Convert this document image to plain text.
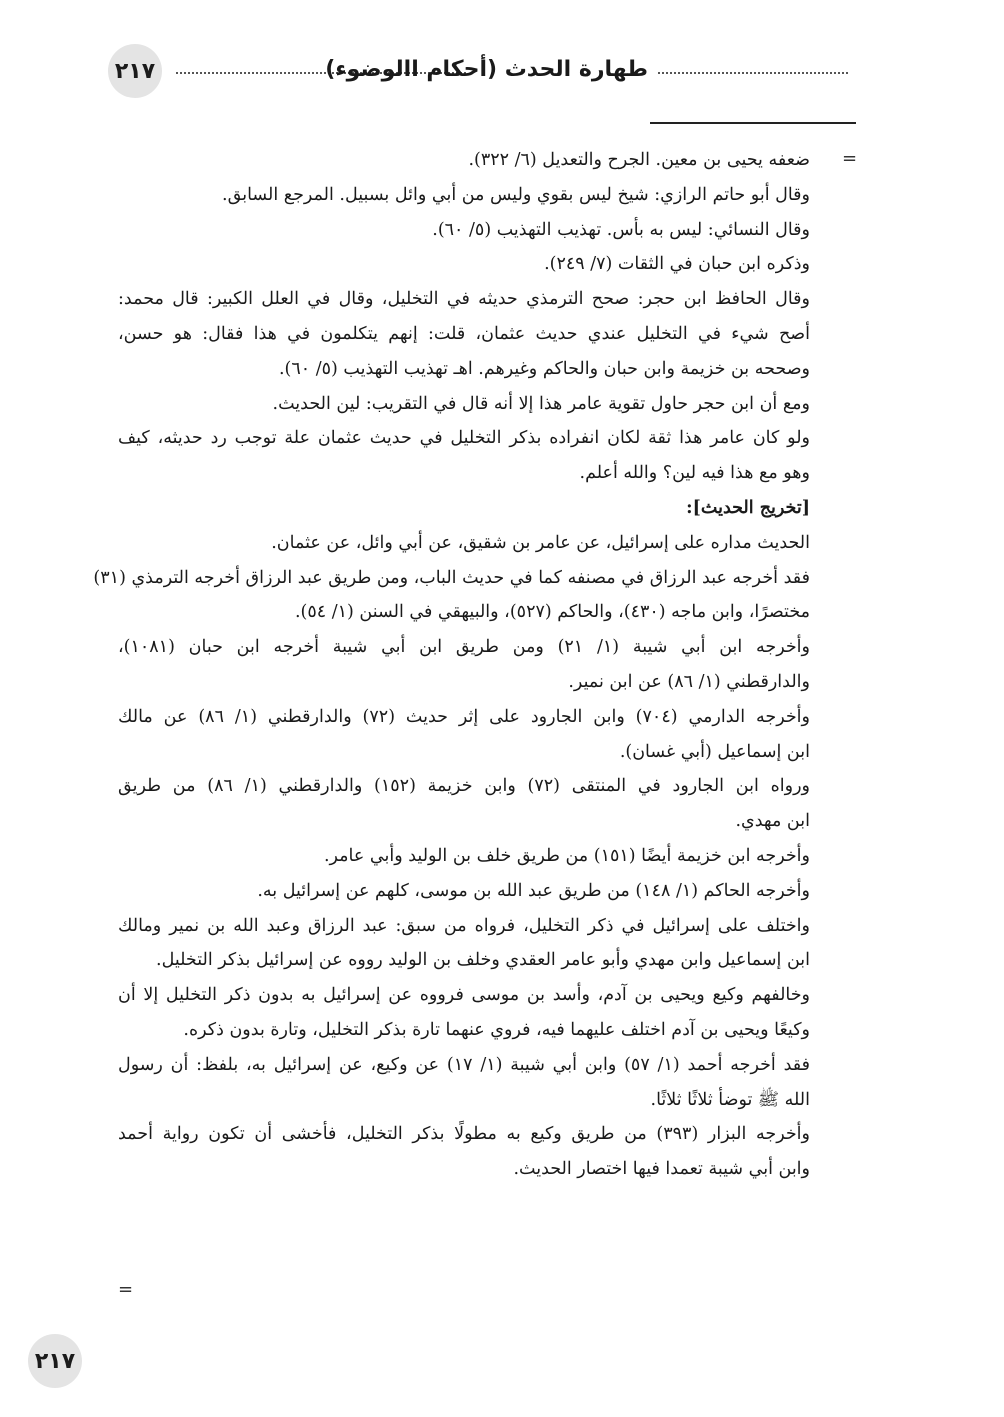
٢١٧	طهارة الحدث (أحكام االوضوء)
=
ضعفه يحيى بن معين. الجرح والتعديل (٦/ ٣٢٢).
وقال أبو حاتم الرازي: شيخ ليس بقوي وليس من أبي وائل بسبيل. المرجع السابق.
وقال النسائي: ليس به بأس. تهذيب التهذيب (٥/ ٦٠).
وذكره ابن حبان في الثقات (٧/ ٢٤٩).
وقال الحافظ ابن حجر: صحح الترمذي حديثه في التخليل، وقال في العلل الكبير: قال محمد:
أصح شيء في التخليل عندي حديث عثمان، قلت: إنهم يتكلمون في هذا فقال: هو حسن،
وصححه بن خزيمة وابن حبان والحاكم وغيرهم. اهـ تهذيب التهذيب (٥/ ٦٠).
ومع أن ابن حجر حاول تقوية عامر هذا إلا أنه قال في التقريب: لين الحديث.
ولو كان عامر هذا ثقة لكان انفراده بذكر التخليل في حديث عثمان علة توجب رد حديثه، كيف
وهو مع هذا فيه لين؟ والله أعلم.
[تخريج الحديث]:
الحديث مداره على إسرائيل، عن عامر بن شقيق، عن أبي وائل، عن عثمان.
فقد أخرجه عبد الرزاق في مصنفه كما في حديث الباب، ومن طريق عبد الرزاق أخرجه الترمذي (٣١)
مختصرًا، وابن ماجه (٤٣٠)، والحاكم (٥٢٧)، والبيهقي في السنن (١/ ٥٤).
وأخرجه ابن أبي شيبة (١/ ٢١) ومن طريق ابن أبي شيبة أخرجه ابن حبان (١٠٨١)،
والدارقطني (١/ ٨٦) عن ابن نمير.
وأخرجه الدارمي (٧٠٤) وابن الجارود على إثر حديث (٧٢) والدارقطني (١/ ٨٦) عن مالك
ابن إسماعيل (أبي غسان).
ورواه ابن الجارود في المنتقى (٧٢) وابن خزيمة (١٥٢) والدارقطني (١/ ٨٦) من طريق
ابن مهدي.
وأخرجه ابن خزيمة أيضًا (١٥١) من طريق خلف بن الوليد وأبي عامر.
وأخرجه الحاكم (١/ ١٤٨) من طريق عبد الله بن موسى، كلهم عن إسرائيل به.
واختلف على إسرائيل في ذكر التخليل، فرواه من سبق: عبد الرزاق وعبد الله بن نمير ومالك
ابن إسماعيل وابن مهدي وأبو عامر العقدي وخلف بن الوليد رووه عن إسرائيل بذكر التخليل.
وخالفهم وكيع ويحيى بن آدم، وأسد بن موسى فرووه عن إسرائيل به بدون ذكر التخليل إلا أن
وكيعًا ويحيى بن آدم اختلف عليهما فيه، فروي عنهما تارة بذكر التخليل، وتارة بدون ذكره.
فقد أخرجه أحمد (١/ ٥٧) وابن أبي شيبة (١/ ١٧) عن وكيع، عن إسرائيل به، بلفظ: أن رسول
الله ﷺ توضأ ثلاثًا ثلاثًا.
وأخرجه البزار (٣٩٣) من طريق وكيع به مطولًا بذكر التخليل، فأخشى أن تكون رواية أحمد
وابن أبي شيبة تعمدا فيها اختصار الحديث.
=
٢١٧
